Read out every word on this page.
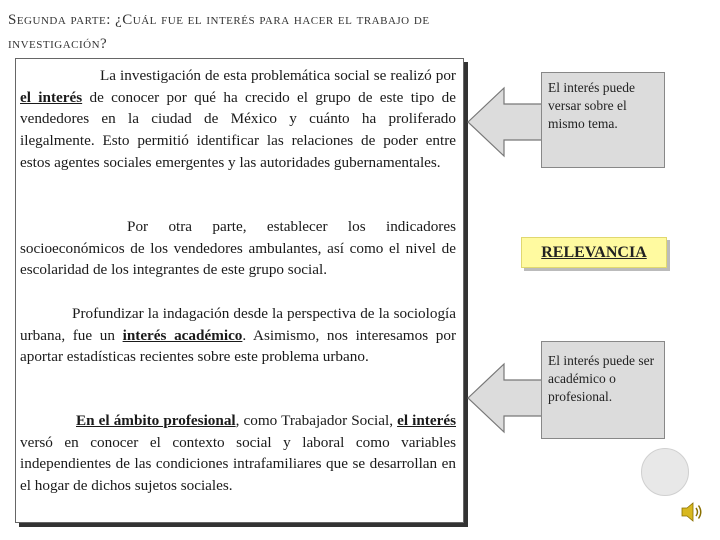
Segunda parte: ¿Cuál fue el interés para hacer el trabajo de
investigación?
La investigación de esta problemática social se realizó por el interés de conocer por qué ha crecido el grupo de este tipo de vendedores en la ciudad de México y cuánto ha proliferado ilegalmente. Esto permitió identificar las relaciones de poder entre estos agentes sociales emergentes y las autoridades gubernamentales.
Por otra parte, establecer los indicadores socioeconómicos de los vendedores ambulantes, así como el nivel de escolaridad de los integrantes de este grupo social.
Profundizar la indagación desde la perspectiva de la sociología urbana, fue un interés académico. Asimismo, nos interesamos por aportar estadísticas recientes sobre este problema urbano.
En el ámbito profesional, como Trabajador Social, el interés versó en conocer el contexto social y laboral como variables independientes de las condiciones intrafamiliares que se desarrollan en el hogar de dichos sujetos sociales.
El interés puede versar sobre el mismo tema.
RELEVANCIA
El interés puede ser académico o profesional.
